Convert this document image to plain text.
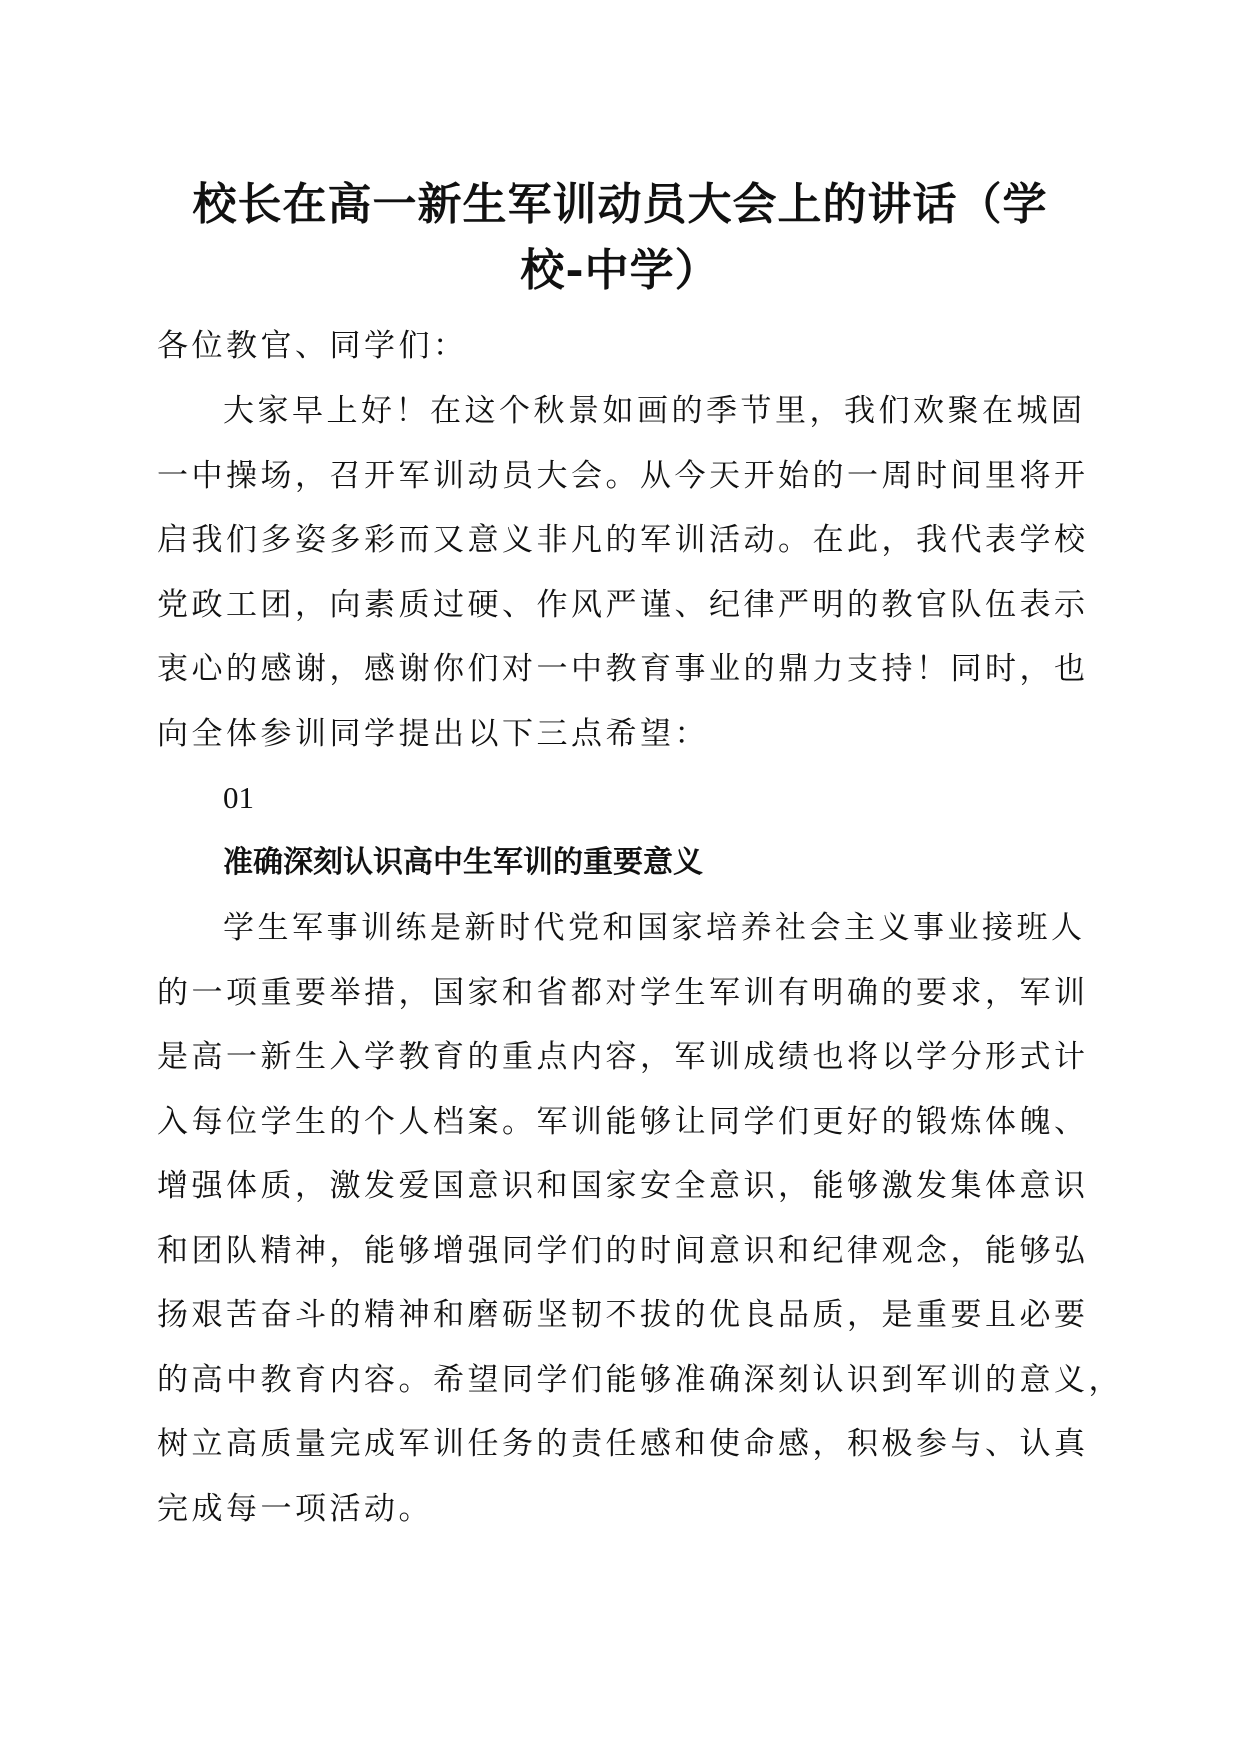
校长在高一新生军训动员大会上的讲话（学
校-中学）
各位教官、同学们：
大家早上好！在这个秋景如画的季节里，我们欢聚在城固
一中操场，召开军训动员大会。从今天开始的一周时间里将开
启我们多姿多彩而又意义非凡的军训活动。在此，我代表学校
党政工团，向素质过硬、作风严谨、纪律严明的教官队伍表示
衷心的感谢，感谢你们对一中教育事业的鼎力支持！同时，也
向全体参训同学提出以下三点希望：
01
准确深刻认识高中生军训的重要意义
学生军事训练是新时代党和国家培养社会主义事业接班人
的一项重要举措，国家和省都对学生军训有明确的要求，军训
是高一新生入学教育的重点内容，军训成绩也将以学分形式计
入每位学生的个人档案。军训能够让同学们更好的锻炼体魄、
增强体质，激发爱国意识和国家安全意识，能够激发集体意识
和团队精神，能够增强同学们的时间意识和纪律观念，能够弘
扬艰苦奋斗的精神和磨砺坚韧不拔的优良品质，是重要且必要
的高中教育内容。希望同学们能够准确深刻认识到军训的意义，
树立高质量完成军训任务的责任感和使命感，积极参与、认真
完成每一项活动。
